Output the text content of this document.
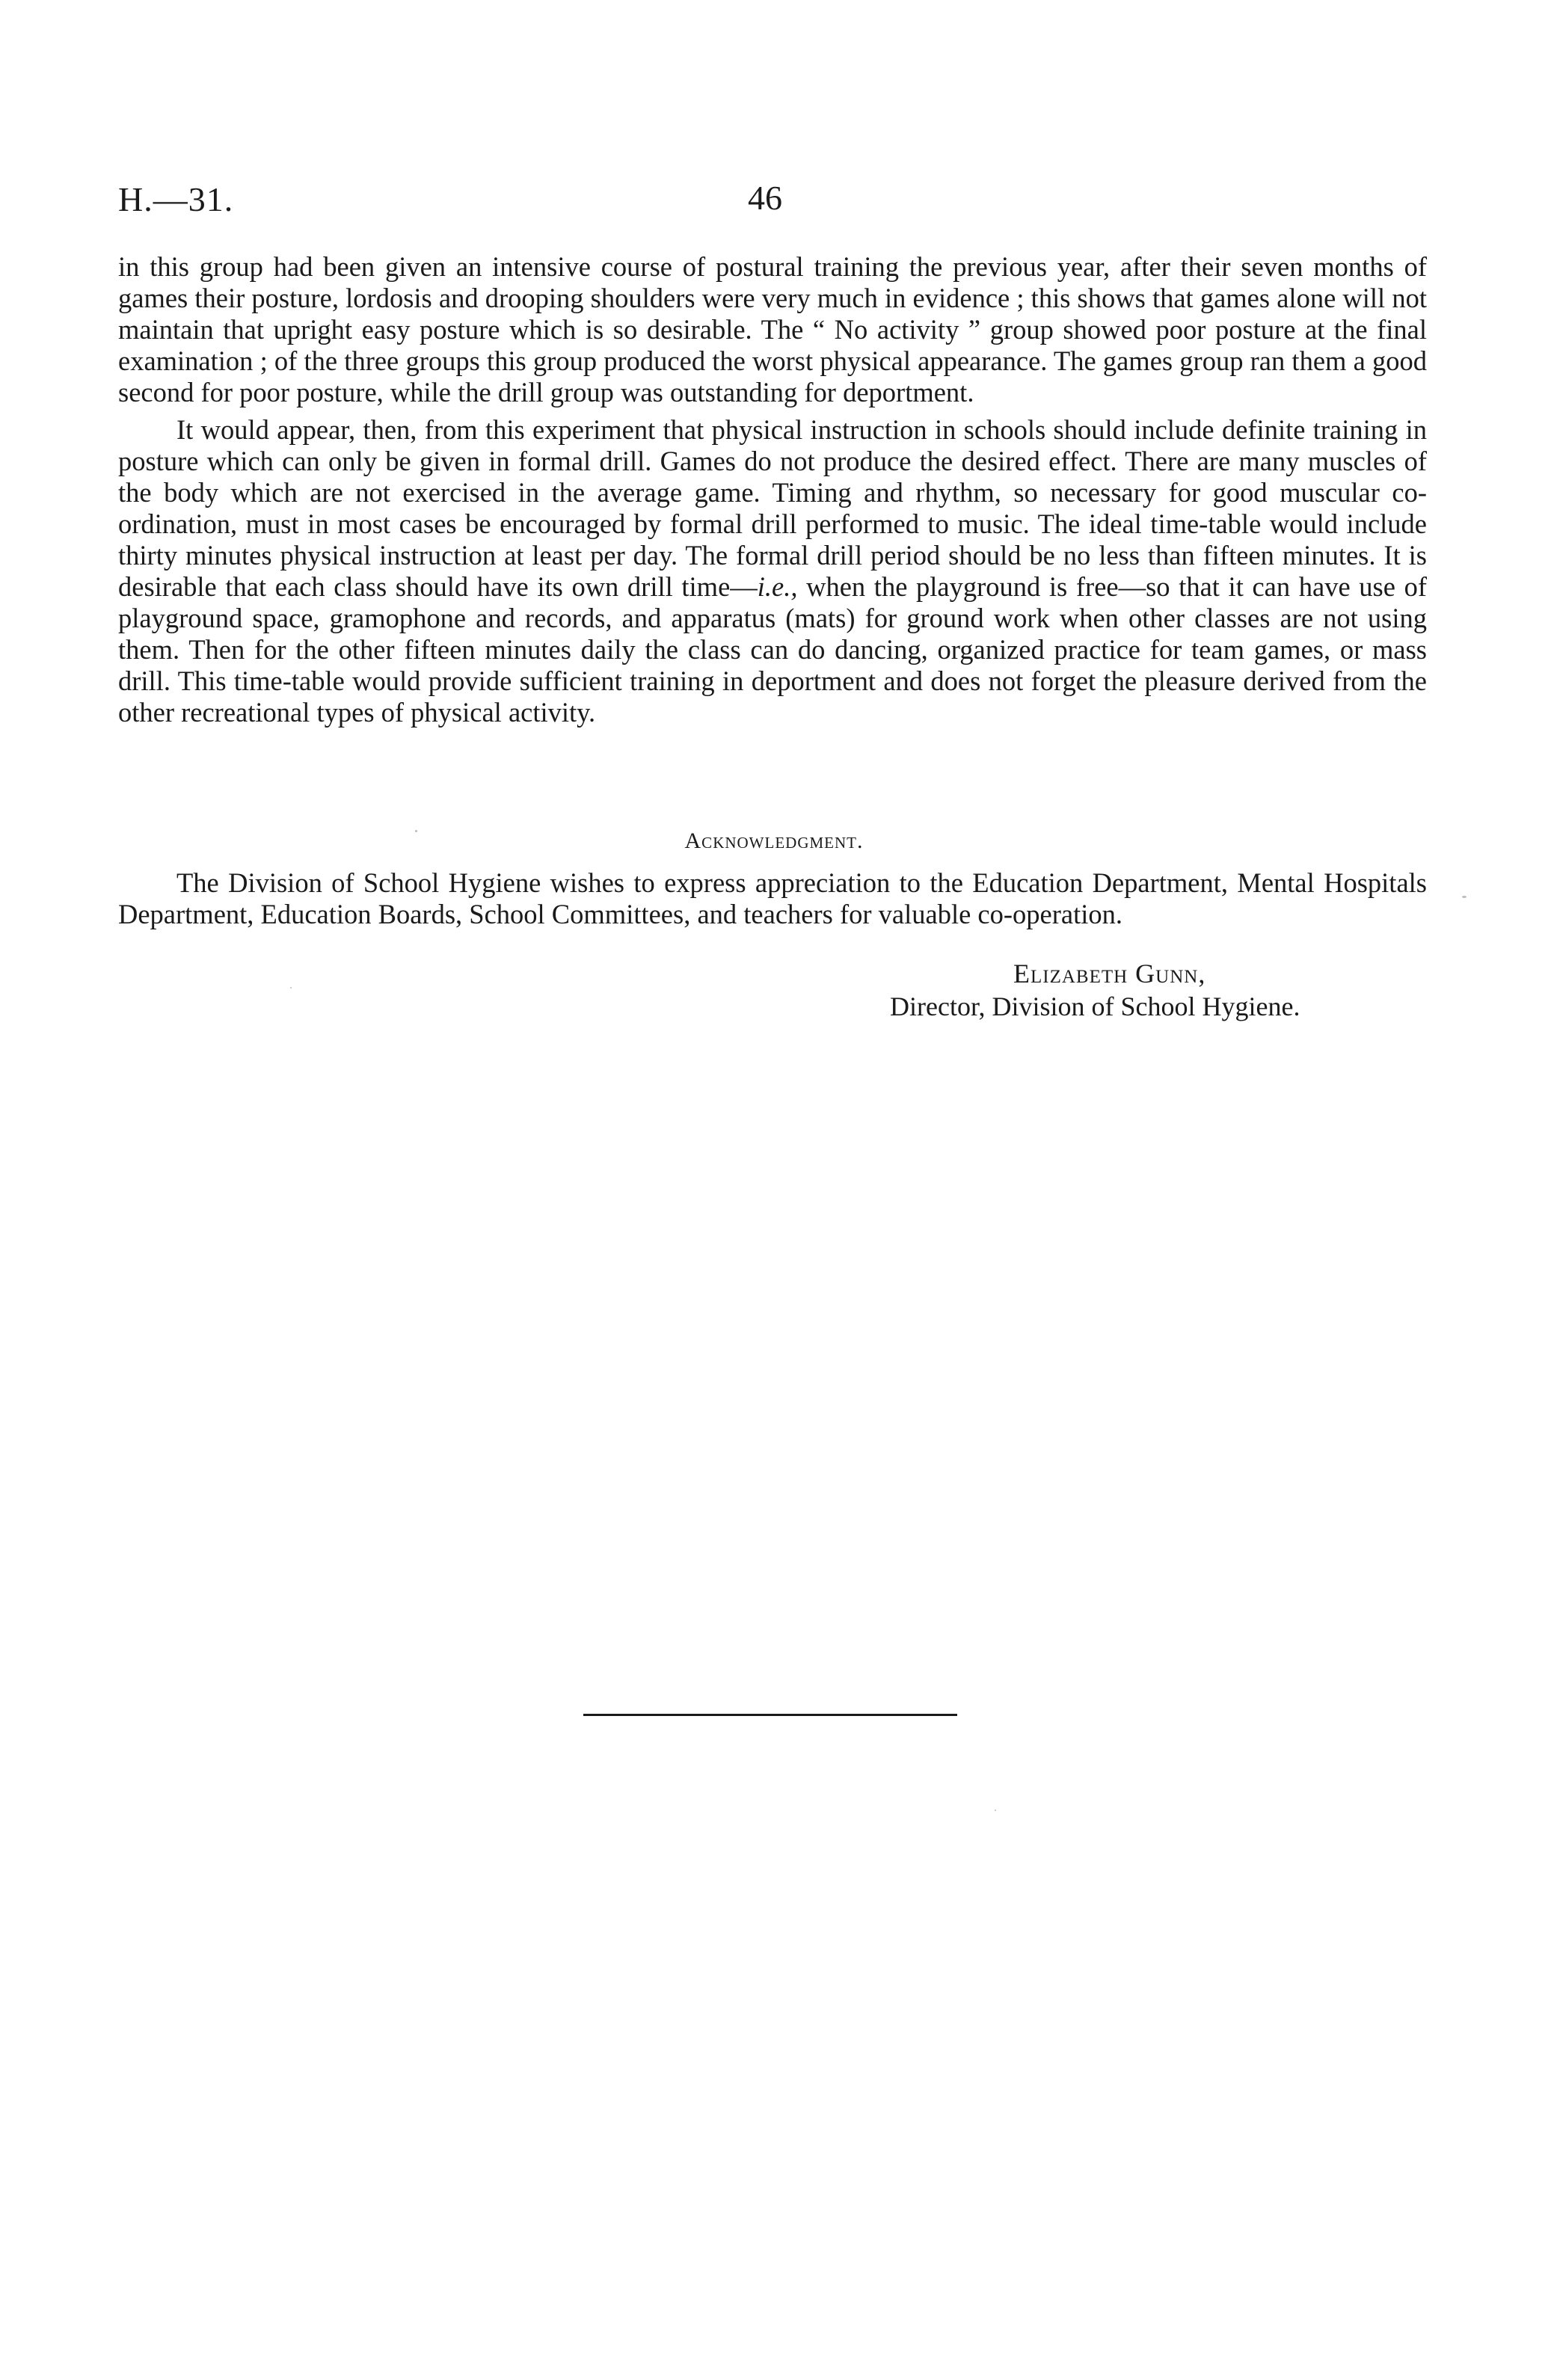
H.—31.	46

in this group had been given an intensive course of postural training the previous year, after their seven months of games their posture, lordosis and drooping shoulders were very much in evidence ; this shows that games alone will not maintain that upright easy posture which is so desirable. The “ No activity ” group showed poor posture at the final examination ; of the three groups this group produced the worst physical appearance. The games group ran them a good second for poor posture, while the drill group was outstanding for deportment.

It would appear, then, from this experiment that physical instruction in schools should include definite training in posture which can only be given in formal drill. Games do not produce the desired effect. There are many muscles of the body which are not exercised in the average game. Timing and rhythm, so necessary for good muscular co-ordination, must in most cases be encouraged by formal drill performed to music. The ideal time-table would include thirty minutes physical instruction at least per day. The formal drill period should be no less than fifteen minutes. It is desirable that each class should have its own drill time—i.e., when the playground is free—so that it can have use of playground space, gramophone and records, and apparatus (mats) for ground work when other classes are not using them. Then for the other fifteen minutes daily the class can do dancing, organized practice for team games, or mass drill. This time-table would provide sufficient training in deportment and does not forget the pleasure derived from the other recreational types of physical activity.

Acknowledgment.

The Division of School Hygiene wishes to express appreciation to the Education Department, Mental Hospitals Department, Education Boards, School Committees, and teachers for valuable co-operation.

Elizabeth Gunn,
Director, Division of School Hygiene.
